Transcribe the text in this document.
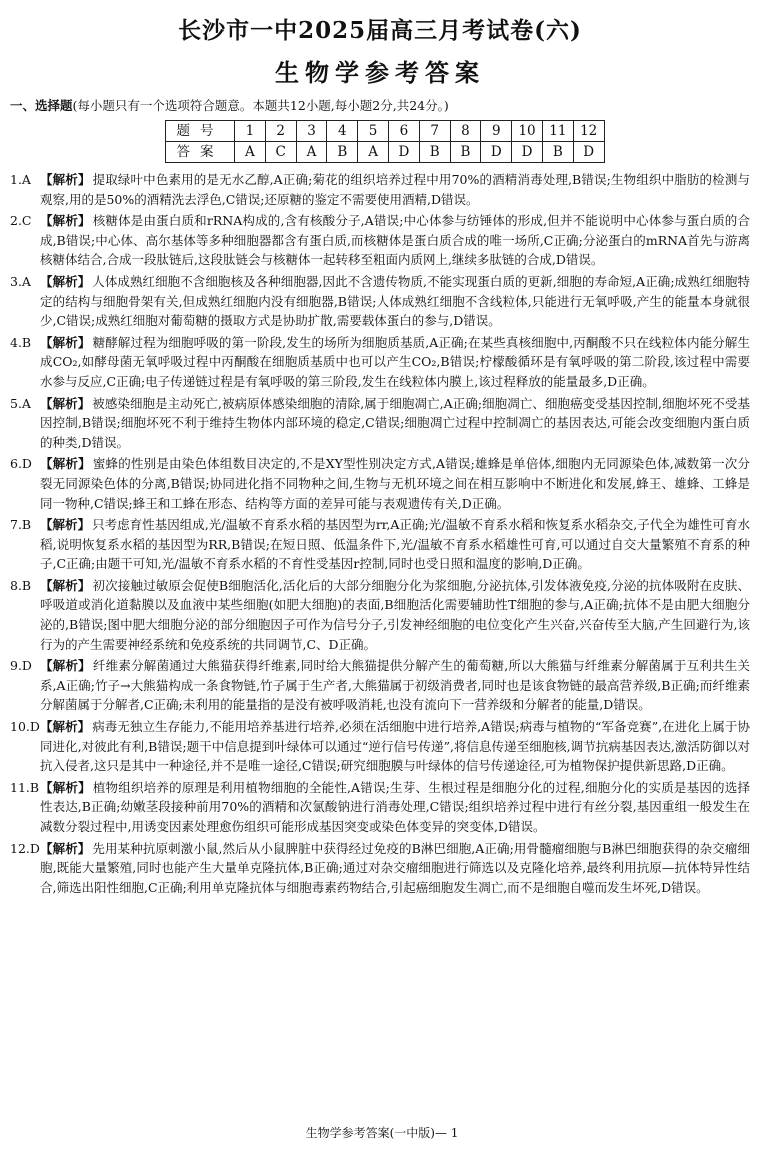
长沙市一中2025届高三月考试卷(六)
生物学参考答案
一、选择题(每小题只有一个选项符合题意。本题共12小题,每小题2分,共24分。)
题号	1	2	3	4	5	6	7	8	9	10	11	12
答案	A	C	A	B	A	D	B	B	D	D	B	D
1.A 【解析】 提取绿叶中色素用的是无水乙醇,A正确;菊花的组织培养过程中用70%的酒精消毒处理,B错误;生物组织中脂肪的检测与观察,用的是50%的酒精洗去浮色,C错误;还原糖的鉴定不需要使用酒精,D错误。
2.C 【解析】 核糖体是由蛋白质和rRNA构成的,含有核酸分子,A错误;中心体参与纺锤体的形成,但并不能说明中心体参与蛋白质的合成,B错误;中心体、高尔基体等多种细胞器都含有蛋白质,而核糖体是蛋白质合成的唯一场所,C正确;分泌蛋白的mRNA首先与游离核糖体结合,合成一段肽链后,这段肽链会与核糖体一起转移至粗面内质网上,继续多肽链的合成,D错误。
3.A 【解析】 人体成熟红细胞不含细胞核及各种细胞器,因此不含遗传物质,不能实现蛋白质的更新,细胞的寿命短,A正确;成熟红细胞特定的结构与细胞骨架有关,但成熟红细胞内没有细胞器,B错误;人体成熟红细胞不含线粒体,只能进行无氧呼吸,产生的能量本身就很少,C错误;成熟红细胞对葡萄糖的摄取方式是协助扩散,需要载体蛋白的参与,D错误。
4.B 【解析】 糖酵解过程为细胞呼吸的第一阶段,发生的场所为细胞质基质,A正确;在某些真核细胞中,丙酮酸不只在线粒体内能分解生成CO₂,如酵母菌无氧呼吸过程中丙酮酸在细胞质基质中也可以产生CO₂,B错误;柠檬酸循环是有氧呼吸的第二阶段,该过程中需要水参与反应,C正确;电子传递链过程是有氧呼吸的第三阶段,发生在线粒体内膜上,该过程释放的能量最多,D正确。
5.A 【解析】 被感染细胞是主动死亡,被病原体感染细胞的清除,属于细胞凋亡,A正确;细胞凋亡、细胞癌变受基因控制,细胞坏死不受基因控制,B错误;细胞坏死不利于维持生物体内部环境的稳定,C错误;细胞凋亡过程中控制凋亡的基因表达,可能会改变细胞内蛋白质的种类,D错误。
6.D 【解析】 蜜蜂的性别是由染色体组数目决定的,不是XY型性别决定方式,A错误;雄蜂是单倍体,细胞内无同源染色体,减数第一次分裂无同源染色体的分离,B错误;协同进化指不同物种之间,生物与无机环境之间在相互影响中不断进化和发展,蜂王、雄蜂、工蜂是同一物种,C错误;蜂王和工蜂在形态、结构等方面的差异可能与表观遗传有关,D正确。
7.B 【解析】 只考虑育性基因组成,光/温敏不育系水稻的基因型为rr,A正确;光/温敏不育系水稻和恢复系水稻杂交,子代全为雄性可育水稻,说明恢复系水稻的基因型为RR,B错误;在短日照、低温条件下,光/温敏不育系水稻雄性可育,可以通过自交大量繁殖不育系的种子,C正确;由题干可知,光/温敏不育系水稻的不育性受基因r控制,同时也受日照和温度的影响,D正确。
8.B 【解析】 初次接触过敏原会促使B细胞活化,活化后的大部分细胞分化为浆细胞,分泌抗体,引发体液免疫,分泌的抗体吸附在皮肤、呼吸道或消化道黏膜以及血液中某些细胞(如肥大细胞)的表面,B细胞活化需要辅助性T细胞的参与,A正确;抗体不是由肥大细胞分泌的,B错误;图中肥大细胞分泌的部分细胞因子可作为信号分子,引发神经细胞的电位变化产生兴奋,兴奋传至大脑,产生回避行为,该行为的产生需要神经系统和免疫系统的共同调节,C、D正确。
9.D 【解析】 纤维素分解菌通过大熊猫获得纤维素,同时给大熊猫提供分解产生的葡萄糖,所以大熊猫与纤维素分解菌属于互利共生关系,A正确;竹子→大熊猫构成一条食物链,竹子属于生产者,大熊猫属于初级消费者,同时也是该食物链的最高营养级,B正确;而纤维素分解菌属于分解者,C正确;未利用的能量指的是没有被呼吸消耗,也没有流向下一营养级和分解者的能量,D错误。
10.D 【解析】 病毒无独立生存能力,不能用培养基进行培养,必须在活细胞中进行培养,A错误;病毒与植物的“军备竞赛”,在进化上属于协同进化,对彼此有利,B错误;题干中信息提到叶绿体可以通过“逆行信号传递”,将信息传递至细胞核,调节抗病基因表达,激活防御以对抗入侵者,这只是其中一种途径,并不是唯一途径,C错误;研究细胞膜与叶绿体的信号传递途径,可为植物保护提供新思路,D正确。
11.B 【解析】 植物组织培养的原理是利用植物细胞的全能性,A错误;生芽、生根过程是细胞分化的过程,细胞分化的实质是基因的选择性表达,B正确;幼嫩茎段接种前用70%的酒精和次氯酸钠进行消毒处理,C错误;组织培养过程中进行有丝分裂,基因重组一般发生在减数分裂过程中,用诱变因素处理愈伤组织可能形成基因突变或染色体变异的突变体,D错误。
12.D 【解析】 先用某种抗原刺激小鼠,然后从小鼠脾脏中获得经过免疫的B淋巴细胞,A正确;用骨髓瘤细胞与B淋巴细胞获得的杂交瘤细胞,既能大量繁殖,同时也能产生大量单克隆抗体,B正确;通过对杂交瘤细胞进行筛选以及克隆化培养,最终利用抗原—抗体特异性结合,筛选出阳性细胞,C正确;利用单克隆抗体与细胞毒素药物结合,引起癌细胞发生凋亡,而不是细胞自噬而发生坏死,D错误。
生物学参考答案(一中版)— 1
